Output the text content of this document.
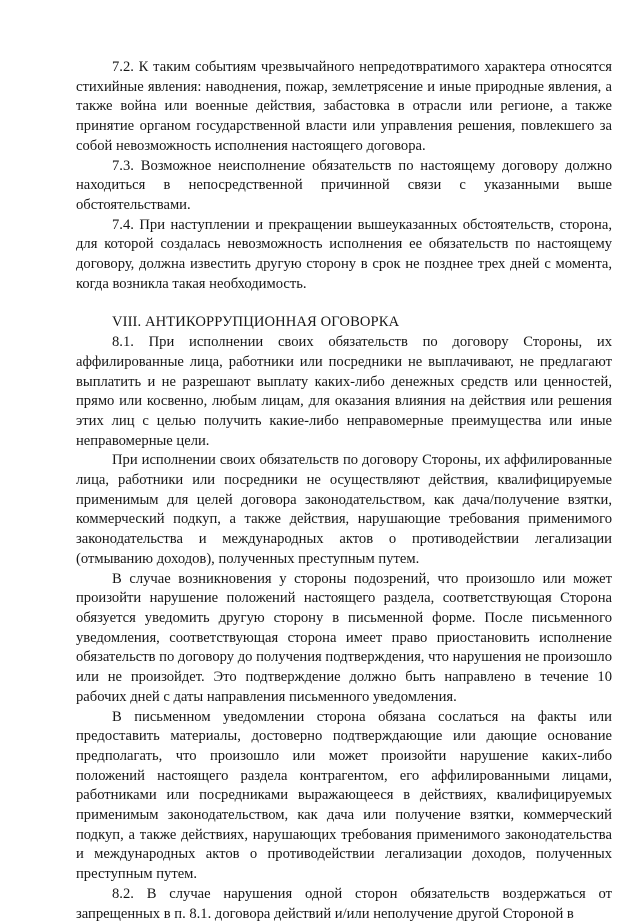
7.2. К таким событиям чрезвычайного непредотвратимого характера относятся стихийные явления: наводнения, пожар, землетрясение и иные природные явления, а также война или военные действия, забастовка в отрасли или регионе, а также принятие органом государственной власти или управления решения, повлекшего за собой невозможность исполнения настоящего договора.

7.3. Возможное неисполнение обязательств по настоящему договору должно находиться в непосредственной причинной связи с указанными выше обстоятельствами.

7.4. При наступлении и прекращении вышеуказанных обстоятельств, сторона, для которой создалась невозможность исполнения ее обязательств по настоящему договору, должна известить другую сторону в срок не позднее трех дней с момента, когда возникла такая необходимость.

VIII. АНТИКОРРУПЦИОННАЯ ОГОВОРКА

8.1. При исполнении своих обязательств по договору Стороны, их аффилированные лица, работники или посредники не выплачивают, не предлагают выплатить и не разрешают выплату каких-либо денежных средств или ценностей, прямо или косвенно, любым лицам, для оказания влияния на действия или решения этих лиц с целью получить какие-либо неправомерные преимущества или иные неправомерные цели.

При исполнении своих обязательств по договору Стороны, их аффилированные лица, работники или посредники не осуществляют действия, квалифицируемые применимым для целей договора законодательством, как дача/получение взятки, коммерческий подкуп, а также действия, нарушающие требования применимого законодательства и международных актов о противодействии легализации (отмыванию доходов), полученных преступным путем.

В случае возникновения у стороны подозрений, что произошло или может произойти нарушение положений настоящего раздела, соответствующая Сторона обязуется уведомить другую сторону в письменной форме. После письменного уведомления, соответствующая сторона имеет право приостановить исполнение обязательств по договору до получения подтверждения, что нарушения не произошло или не произойдет. Это подтверждение должно быть направлено в течение 10 рабочих дней с даты направления письменного уведомления.

В письменном уведомлении сторона обязана сослаться на факты или предоставить материалы, достоверно подтверждающие или дающие основание предполагать, что произошло или может произойти нарушение каких-либо положений настоящего раздела контрагентом, его аффилированными лицами, работниками или посредниками выражающееся в действиях, квалифицируемых применимым законодательством, как дача или получение взятки, коммерческий подкуп, а также действиях, нарушающих требования применимого законодательства и международных актов о противодействии легализации доходов, полученных преступным путем.

8.2. В случае нарушения одной сторон обязательств воздержаться от запрещенных в п. 8.1. договора действий и/или неполучение другой Стороной в
